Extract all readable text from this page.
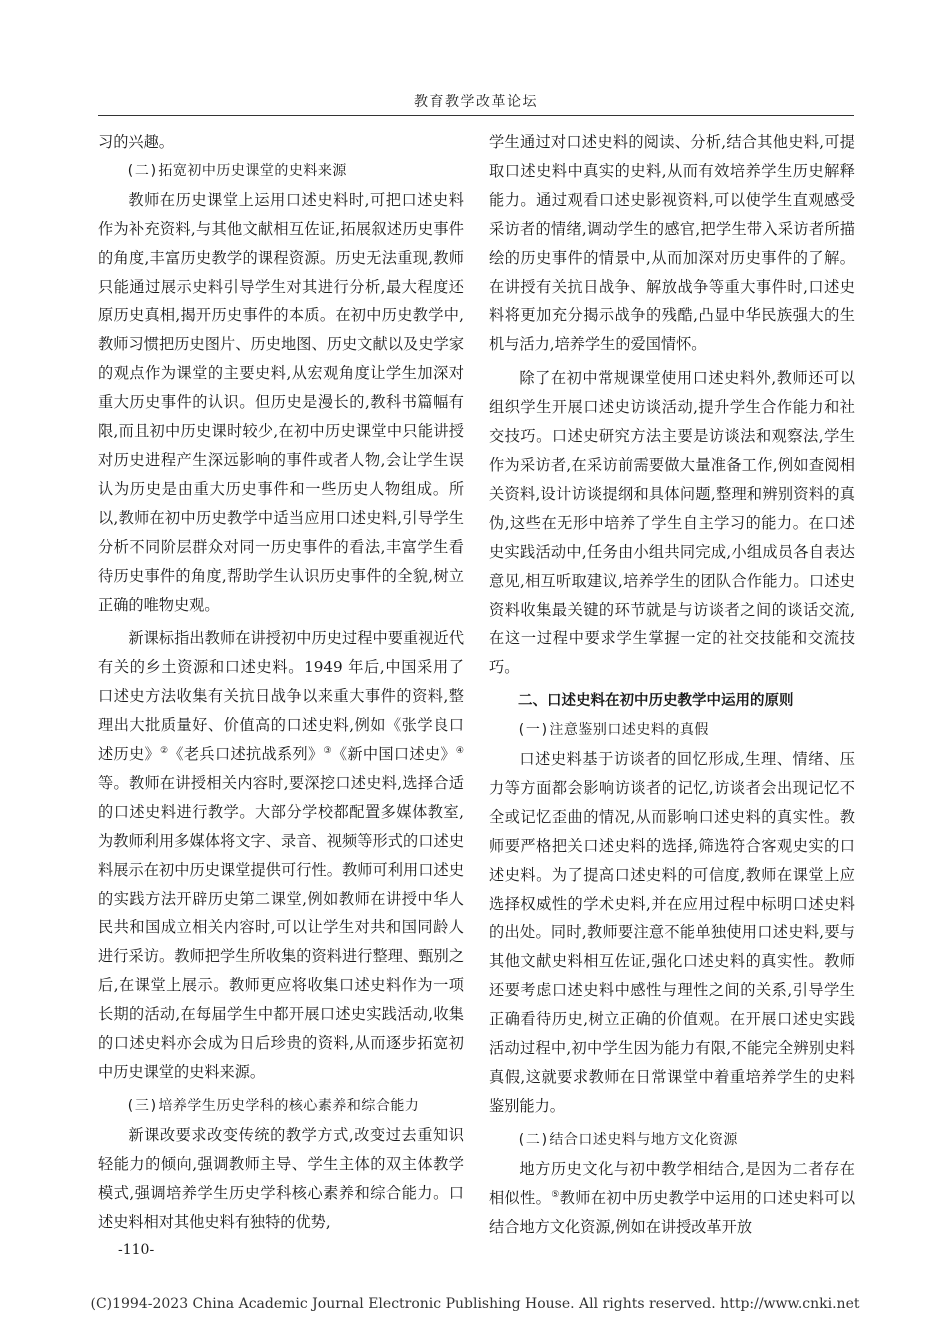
教育教学改革论坛

习的兴趣。

(二)拓宽初中历史课堂的史料来源

教师在历史课堂上运用口述史料时,可把口述史料作为补充资料,与其他文献相互佐证,拓展叙述历史事件的角度,丰富历史教学的课程资源。历史无法重现,教师只能通过展示史料引导学生对其进行分析,最大程度还原历史真相,揭开历史事件的本质。在初中历史教学中,教师习惯把历史图片、历史地图、历史文献以及史学家的观点作为课堂的主要史料,从宏观角度让学生加深对重大历史事件的认识。但历史是漫长的,教科书篇幅有限,而且初中历史课时较少,在初中历史课堂中只能讲授对历史进程产生深远影响的事件或者人物,会让学生误认为历史是由重大历史事件和一些历史人物组成。所以,教师在初中历史教学中适当应用口述史料,引导学生分析不同阶层群众对同一历史事件的看法,丰富学生看待历史事件的角度,帮助学生认识历史事件的全貌,树立正确的唯物史观。

新课标指出教师在讲授初中历史过程中要重视近代有关的乡土资源和口述史料。1949 年后,中国采用了口述史方法收集有关抗日战争以来重大事件的资料,整理出大批质量好、价值高的口述史料,例如《张学良口述历史》②《老兵口述抗战系列》③《新中国口述史》④等。教师在讲授相关内容时,要深挖口述史料,选择合适的口述史料进行教学。大部分学校都配置多媒体教室,为教师利用多媒体将文字、录音、视频等形式的口述史料展示在初中历史课堂提供可行性。教师可利用口述史的实践方法开辟历史第二课堂,例如教师在讲授中华人民共和国成立相关内容时,可以让学生对共和国同龄人进行采访。教师把学生所收集的资料进行整理、甄别之后,在课堂上展示。教师更应将收集口述史料作为一项长期的活动,在每届学生中都开展口述史实践活动,收集的口述史料亦会成为日后珍贵的资料,从而逐步拓宽初中历史课堂的史料来源。

(三)培养学生历史学科的核心素养和综合能力

新课改要求改变传统的教学方式,改变过去重知识轻能力的倾向,强调教师主导、学生主体的双主体教学模式,强调培养学生历史学科核心素养和综合能力。口述史料相对其他史料有独特的优势,

学生通过对口述史料的阅读、分析,结合其他史料,可提取口述史料中真实的史料,从而有效培养学生历史解释能力。通过观看口述史影视资料,可以使学生直观感受采访者的情绪,调动学生的感官,把学生带入采访者所描绘的历史事件的情景中,从而加深对历史事件的了解。在讲授有关抗日战争、解放战争等重大事件时,口述史料将更加充分揭示战争的残酷,凸显中华民族强大的生机与活力,培养学生的爱国情怀。

除了在初中常规课堂使用口述史料外,教师还可以组织学生开展口述史访谈活动,提升学生合作能力和社交技巧。口述史研究方法主要是访谈法和观察法,学生作为采访者,在采访前需要做大量准备工作,例如查阅相关资料,设计访谈提纲和具体问题,整理和辨别资料的真伪,这些在无形中培养了学生自主学习的能力。在口述史实践活动中,任务由小组共同完成,小组成员各自表达意见,相互听取建议,培养学生的团队合作能力。口述史资料收集最关键的环节就是与访谈者之间的谈话交流,在这一过程中要求学生掌握一定的社交技能和交流技巧。

二、口述史料在初中历史教学中运用的原则

(一)注意鉴别口述史料的真假

口述史料基于访谈者的回忆形成,生理、情绪、压力等方面都会影响访谈者的记忆,访谈者会出现记忆不全或记忆歪曲的情况,从而影响口述史料的真实性。教师要严格把关口述史料的选择,筛选符合客观史实的口述史料。为了提高口述史料的可信度,教师在课堂上应选择权威性的学术史料,并在应用过程中标明口述史料的出处。同时,教师要注意不能单独使用口述史料,要与其他文献史料相互佐证,强化口述史料的真实性。教师还要考虑口述史料中感性与理性之间的关系,引导学生正确看待历史,树立正确的价值观。在开展口述史实践活动过程中,初中学生因为能力有限,不能完全辨别史料真假,这就要求教师在日常课堂中着重培养学生的史料鉴别能力。

(二)结合口述史料与地方文化资源

地方历史文化与初中教学相结合,是因为二者存在相似性。⑤教师在初中历史教学中运用的口述史料可以结合地方文化资源,例如在讲授改革开放

-110-
(C)1994-2023 China Academic Journal Electronic Publishing House. All rights reserved. http://www.cnki.net
